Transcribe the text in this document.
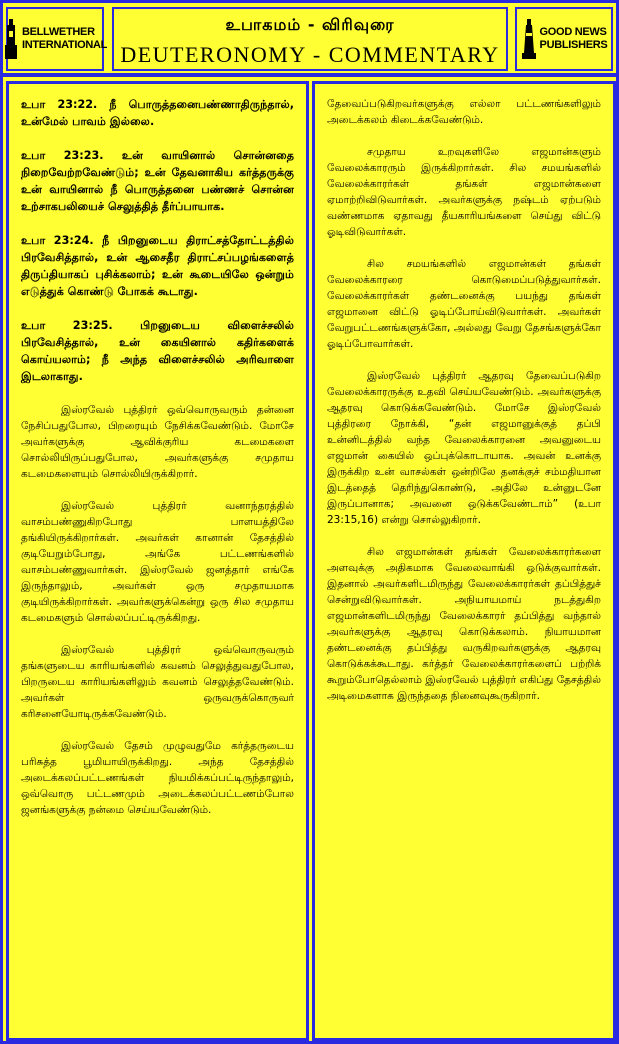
BELLWETHER
INTERNATIONAL
உபாகமம் - விரிவுரை
DEUTERONOMY - COMMENTARY
GOOD NEWS
PUBLISHERS

உபா 23:22. நீ பொருத்தனைபண்ணாதிருந்தால், உன்மேல் பாவம் இல்லை.

உபா 23:23. உன் வாயினால் சொன்னதை நிறைவேற்றவேண்டும்; உன் தேவனாகிய கர்த்தருக்கு உன் வாயினால் நீ பொருத்தனை பண்ணச் சொன்ன உற்சாகபலியைச் செலுத்தித் தீர்ப்பாயாக.

உபா 23:24. நீ பிறனுடைய திராட்சத்தோட்டத்தில் பிரவேசித்தால், உன் ஆசைதீர திராட்சப்பழங்களைத் திருப்தியாகப் புசிக்கலாம்; உன் கூடையிலே ஒன்றும் எடுத்துக் கொண்டு போகக் கூடாது.

உபா 23:25. பிறனுடைய விளைச்சலில் பிரவேசித்தால், உன் கையினால் கதிர்களைக் கொய்யலாம்; நீ அந்த விளைச்சலில் அரிவாளை இடலாகாது.

இஸ்ரவேல் புத்திரர் ஒவ்வொருவரும் தன்னை நேசிப்பதுபோல, பிறரையும் நேசிக்கவேண்டும். மோசே அவர்களுக்கு ஆவிக்குரிய கடமைகளை சொல்லியிருப்பதுபோல, அவர்களுக்கு சமுதாய கடமைகளையும் சொல்லியிருக்கிறார்.

இஸ்ரவேல் புத்திரர் வனாந்தரத்தில் வாசம்பண்ணுகிறபோது பாளயத்திலே தங்கியிருக்கிறார்கள். அவர்கள் கானான் தேசத்தில் குடியேறும்போது, அங்கே பட்டணங்களில் வாசம்பண்ணுவார்கள். இஸ்ரவேல் ஜனத்தார் எங்கே இருந்தாலும், அவர்கள் ஒரு சமுதாயமாக குடியிருக்கிறார்கள். அவர்களுக்கென்று ஒரு சில சமுதாய கடமைகளும் சொல்லப்பட்டிருக்கிறது.

இஸ்ரவேல் புத்திரர் ஒவ்வொருவரும் தங்களுடைய காரியங்களில் கவனம் செலுத்துவதுபோல, பிறருடைய காரியங்களிலும் கவனம் செலுத்தவேண்டும். அவர்கள் ஒருவருக்கொருவர் கரிசனையோடிருக்கவேண்டும்.

இஸ்ரவேல் தேசம் முழுவதுமே கர்த்தருடைய பரிசுத்த பூமியாயிருக்கிறது. அந்த தேசத்தில் அடைக்கலப்பட்டணங்கள் நியமிக்கப்பட்டிருந்தாலும், ஒவ்வொரு பட்டணமும் அடைக்கலப்பட்டணம்போல ஜனங்களுக்கு நன்மை செய்யவேண்டும்.

தேவைப்படுகிறவர்களுக்கு எல்லா பட்டணங்களிலும் அடைக்கலம் கிடைக்கவேண்டும்.

சமுதாய உறவுகளிலே எஜமான்களும் வேலைக்காரரும் இருக்கிறார்கள். சில சமயங்களில் வேலைக்காரர்கள் தங்கள் எஜமான்களை ஏமாற்றிவிடுவார்கள். அவர்களுக்கு நஷ்டம் ஏற்படும் வண்ணமாக ஏதாவது தீயகாரியங்களை செய்து விட்டு ஓடிவிடுவார்கள்.

சில சமயங்களில் எஜமான்கள் தங்கள் வேலைக்காரரை கொடுமைப்படுத்துவார்கள். வேலைக்காரர்கள் தண்டனைக்கு பயந்து தங்கள் எஜமானை விட்டு ஓடிப்போய்விடுவார்கள். அவர்கள் வேறுபட்டணங்களுக்கோ, அல்லது வேறு தேசங்களுக்கோ ஓடிப்போவார்கள்.

இஸ்ரவேல் புத்திரர் ஆதரவு தேவைப்படுகிற வேலைக்காரருக்கு உதவி செய்யவேண்டும். அவர்களுக்கு ஆதரவு கொடுக்கவேண்டும். மோசே இஸ்ரவேல் புத்திரரை நோக்கி, “தன் எஜமானுக்குத் தப்பி உன்னிடத்தில் வந்த வேலைக்காரனை அவனுடைய எஜமான் கையில் ஒப்புக்கொடாயாக. அவன் உனக்கு இருக்கிற உன் வாசல்கள் ஒன்றிலே தனக்குச் சம்மதியான இடத்தைத் தெரிந்துகொண்டு, அதிலே உன்னுடனே இருப்பானாக; அவனை ஒடுக்கவேண்டாம்” (உபா 23:15,16) என்று சொல்லுகிறார்.

சில எஜமான்கள் தங்கள் வேலைக்காரர்களை அளவுக்கு அதிகமாக வேலைவாங்கி ஒடுக்குவார்கள். இதனால் அவர்களிடமிருந்து வேலைக்காரர்கள் தப்பித்துச் சென்றுவிடுவார்கள். அநியாயமாய் நடத்துகிற எஜமான்களிடமிருந்து வேலைக்காரர் தப்பித்து வந்தால் அவர்களுக்கு ஆதரவு கொடுக்கலாம். நியாயமான தண்டனைக்கு தப்பித்து வருகிறவர்களுக்கு ஆதரவு கொடுக்கக்கூடாது. கர்த்தர் வேலைக்காரர்களைப் பற்றிக் கூறும்போதெல்லாம் இஸ்ரவேல் புத்திரர் எகிப்து தேசத்தில் அடிமைகளாக இருந்ததை நினைவுகூருகிறார்.
